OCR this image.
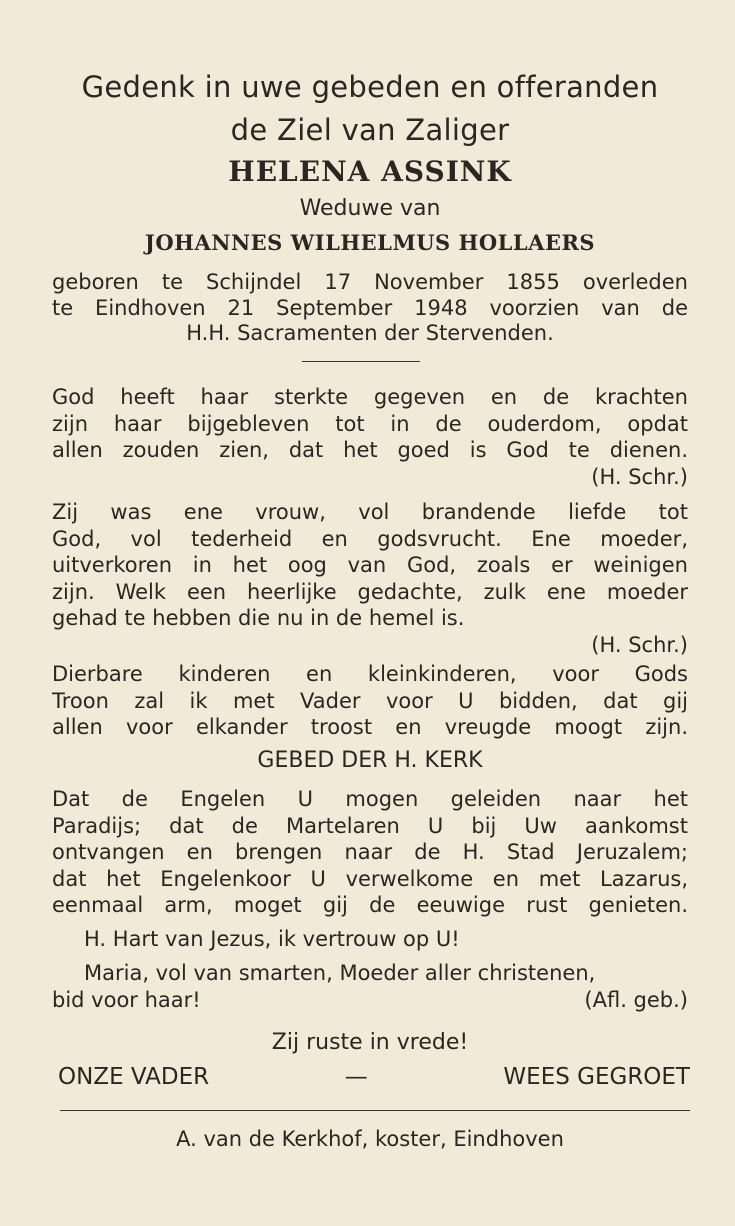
Gedenk in uwe gebeden en offeranden
de Ziel van Zaliger
HELENA ASSINK
Weduwe van
JOHANNES WILHELMUS HOLLAERS
geboren te Schijndel 17 November 1855 overleden
te Eindhoven 21 September 1948 voorzien van de
H.H. Sacramenten der Stervenden.
God heeft haar sterkte gegeven en de krachten
zijn haar bijgebleven tot in de ouderdom, opdat
allen zouden zien, dat het goed is God te dienen.
(H. Schr.)
Zij was ene vrouw, vol brandende liefde tot
God, vol tederheid en godsvrucht. Ene moeder,
uitverkoren in het oog van God, zoals er weinigen
zijn. Welk een heerlijke gedachte, zulk ene moeder
gehad te hebben die nu in de hemel is.
(H. Schr.)
Dierbare kinderen en kleinkinderen, voor Gods
Troon zal ik met Vader voor U bidden, dat gij
allen voor elkander troost en vreugde moogt zijn.
GEBED DER H. KERK
Dat de Engelen U mogen geleiden naar het
Paradijs; dat de Martelaren U bij Uw aankomst
ontvangen en brengen naar de H. Stad Jeruzalem;
dat het Engelenkoor U verwelkome en met Lazarus,
eenmaal arm, moget gij de eeuwige rust genieten.
H. Hart van Jezus, ik vertrouw op U!
Maria, vol van smarten, Moeder aller christenen,
bid voor haar!	(Afl. geb.)
Zij ruste in vrede!
ONZE VADER	—	WEES GEGROET
A. van de Kerkhof, koster, Eindhoven
